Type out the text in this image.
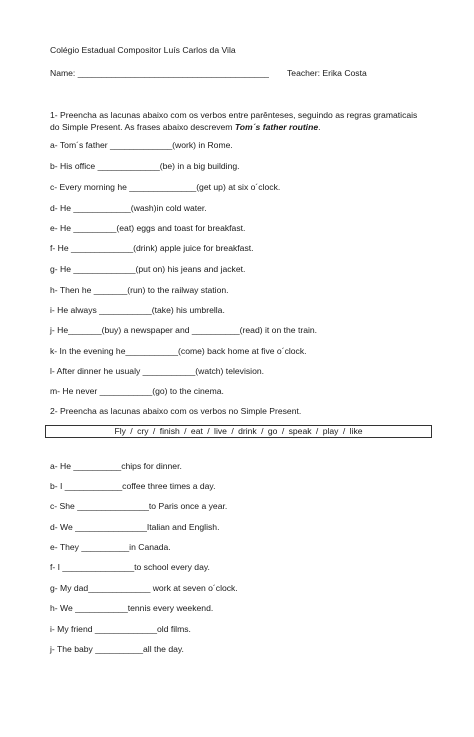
Colégio Estadual Compositor Luís Carlos da Vila
Name: ________________________________________ Teacher: Erika Costa
1- Preencha as lacunas abaixo com os verbos entre parênteses, seguindo as regras gramaticais
do Simple Present. As frases abaixo descrevem Tom´s father routine.
a- Tom´s father _____________(work) in Rome.
b- His office _____________(be) in a big building.
c- Every morning he ______________(get up) at six o´clock.
d- He ____________(wash)in cold water.
e- He _________(eat) eggs and toast for breakfast.
f- He _____________(drink) apple juice for breakfast.
g- He _____________(put on) his jeans and jacket.
h- Then he _______(run) to the railway station.
i- He always ___________(take) his umbrella.
j- He_______(buy) a newspaper and __________(read) it on the train.
k- In the evening he___________(come) back home at five o´clock.
l- After dinner he usualy ___________(watch) television.
m- He never ___________(go) to the cinema.
2- Preencha as lacunas abaixo com os verbos no Simple Present.
Fly / cry / finish / eat / live / drink / go / speak / play / like
a- He __________chips for dinner.
b- I ____________coffee three times a day.
c- She _______________to Paris once a year.
d- We _______________Italian and English.
e- They __________in Canada.
f- I _______________to school every day.
g- My dad_____________ work at seven o´clock.
h- We ___________tennis every weekend.
i- My friend _____________old films.
j- The baby __________all the day.
